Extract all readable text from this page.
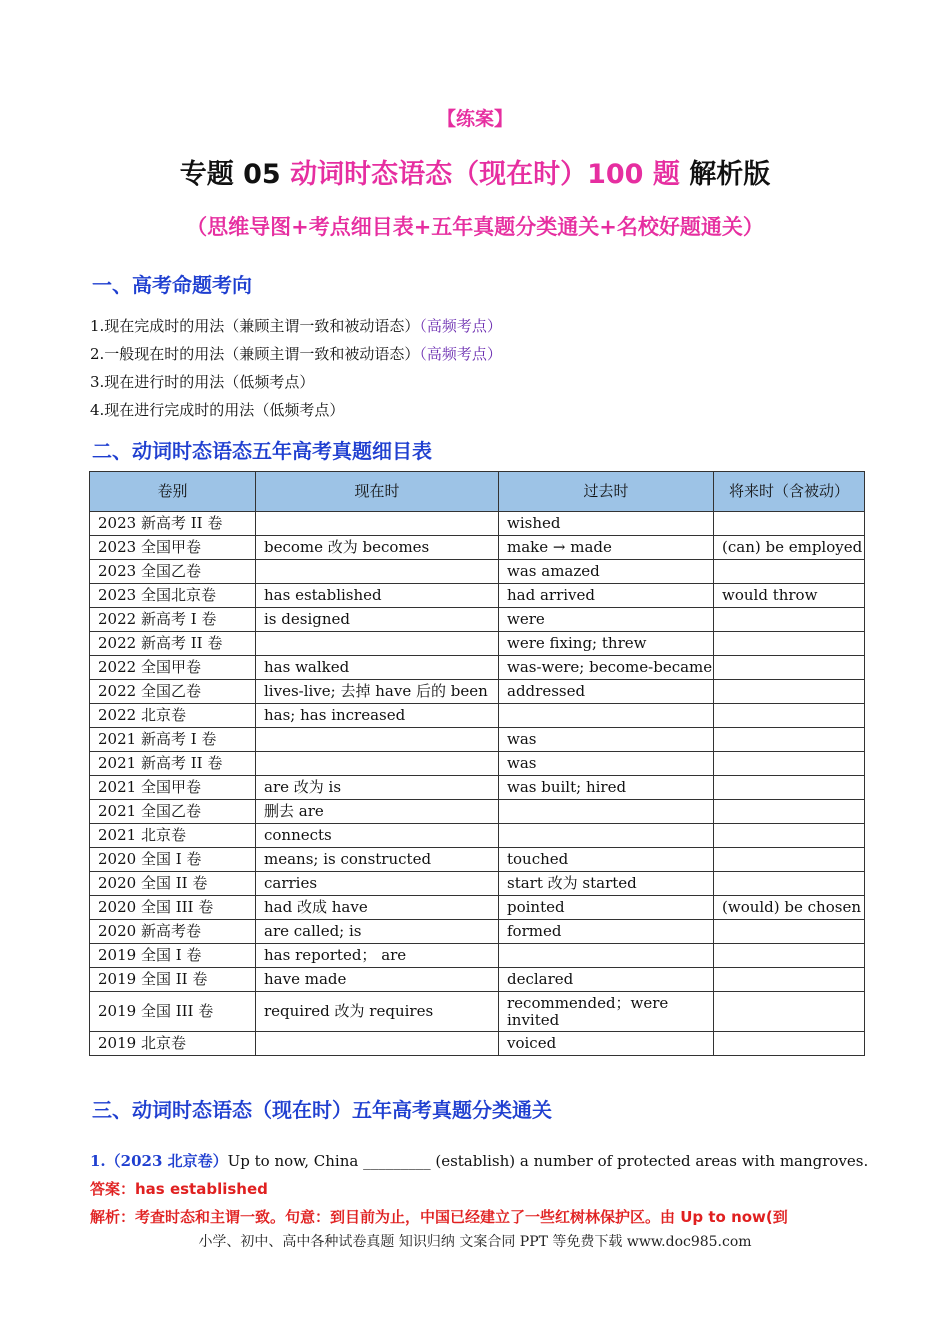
【练案】
专题 05 动词时态语态（现在时）100 题 解析版
（思维导图+考点细目表+五年真题分类通关+名校好题通关）
一、高考命题考向
1.现在完成时的用法（兼顾主谓一致和被动语态）（高频考点）
2.一般现在时的用法（兼顾主谓一致和被动语态）（高频考点）
3.现在进行时的用法（低频考点）
4.现在进行完成时的用法（低频考点）
二、动词时态语态五年高考真题细目表
卷别	现在时	过去时	将来时（含被动）
2023 新高考 II 卷		wished	
2023 全国甲卷	become 改为 becomes	make → made	(can) be employed
2023 全国乙卷		was amazed	
2023 全国北京卷	has established	had arrived	would throw
2022 新高考 I 卷	is designed	were	
2022 新高考 II 卷		were fixing; threw	
2022 全国甲卷	has walked	was-were; become-became	
2022 全国乙卷	lives-live; 去掉 have 后的 been	addressed	
2022 北京卷	has; has increased		
2021 新高考 I 卷		was	
2021 新高考 II 卷		was	
2021 全国甲卷	are 改为 is	was built; hired	
2021 全国乙卷	删去 are		
2021 北京卷	connects		
2020 全国 I 卷	means; is constructed	touched	
2020 全国 II 卷	carries	start 改为 started	
2020 全国 III 卷	had 改成 have	pointed	(would) be chosen
2020 新高考卷	are called; is	formed	
2019 全国 I 卷	has reported； are		
2019 全国 II 卷	have made	declared	
2019 全国 III 卷	required 改为 requires	recommended；were invited	
2019 北京卷		voiced	
三、动词时态语态（现在时）五年高考真题分类通关
1.（2023 北京卷）Up to now, China _________ (establish) a number of protected areas with mangroves.
答案：has established
解析：考查时态和主谓一致。句意：到目前为止，中国已经建立了一些红树林保护区。由 Up to now(到
小学、初中、高中各种试卷真题 知识归纳 文案合同 PPT 等免费下载 www.doc985.com
